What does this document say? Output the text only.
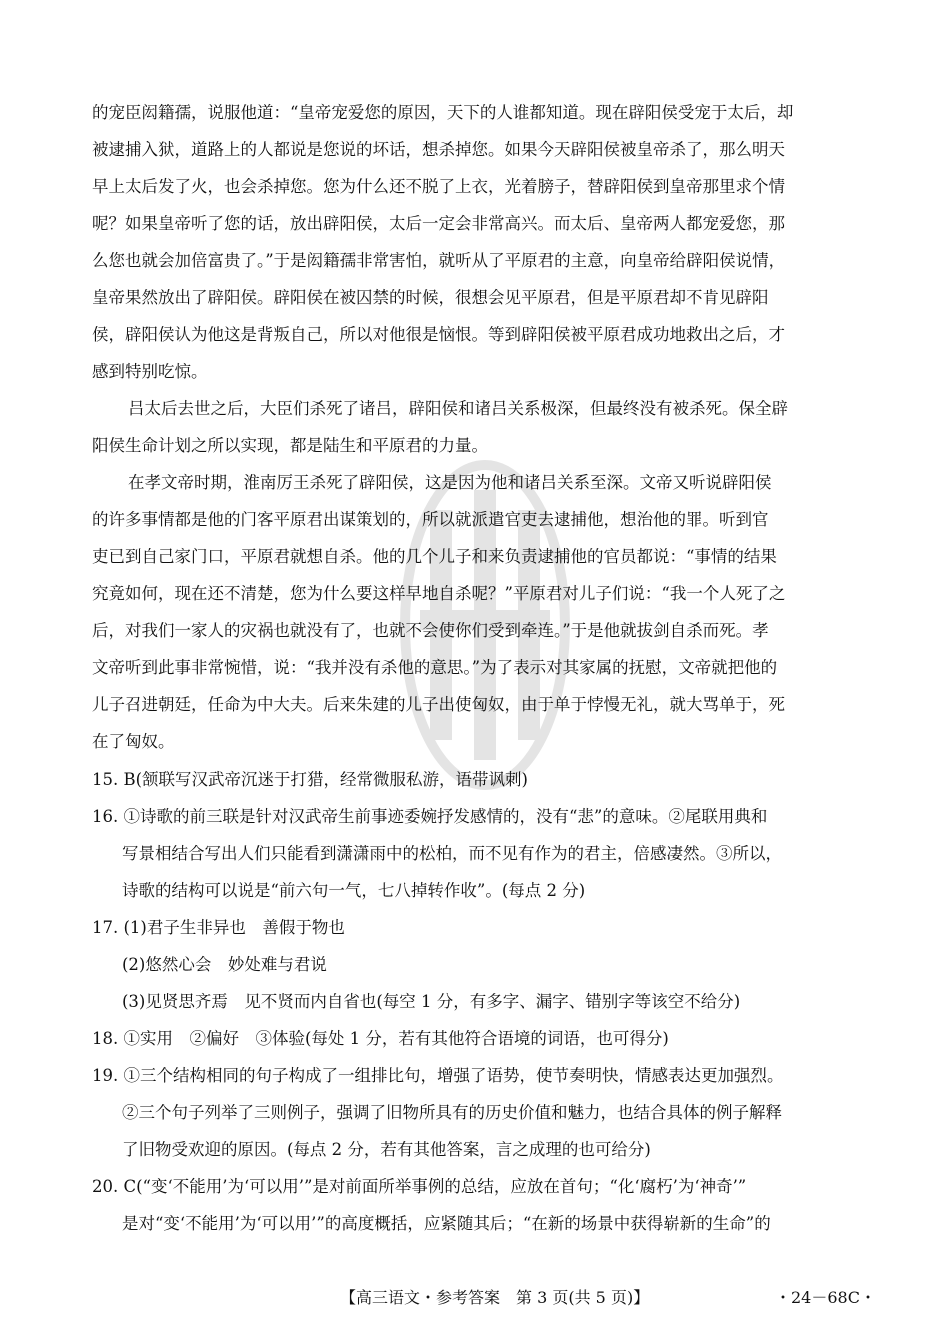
的宠臣闳籍孺，说服他道：“皇帝宠爱您的原因，天下的人谁都知道。现在辟阳侯受宠于太后，却
被逮捕入狱，道路上的人都说是您说的坏话，想杀掉您。如果今天辟阳侯被皇帝杀了，那么明天
早上太后发了火，也会杀掉您。您为什么还不脱了上衣，光着膀子，替辟阳侯到皇帝那里求个情
呢？如果皇帝听了您的话，放出辟阳侯，太后一定会非常高兴。而太后、皇帝两人都宠爱您，那
么您也就会加倍富贵了。”于是闳籍孺非常害怕，就听从了平原君的主意，向皇帝给辟阳侯说情，
皇帝果然放出了辟阳侯。辟阳侯在被囚禁的时候，很想会见平原君，但是平原君却不肯见辟阳
侯，辟阳侯认为他这是背叛自己，所以对他很是恼恨。等到辟阳侯被平原君成功地救出之后，才
感到特别吃惊。
吕太后去世之后，大臣们杀死了诸吕，辟阳侯和诸吕关系极深，但最终没有被杀死。保全辟
阳侯生命计划之所以实现，都是陆生和平原君的力量。
在孝文帝时期，淮南厉王杀死了辟阳侯，这是因为他和诸吕关系至深。文帝又听说辟阳侯
的许多事情都是他的门客平原君出谋策划的，所以就派遣官吏去逮捕他，想治他的罪。听到官
吏已到自己家门口，平原君就想自杀。他的几个儿子和来负责逮捕他的官员都说：“事情的结果
究竟如何，现在还不清楚，您为什么要这样早地自杀呢？”平原君对儿子们说：“我一个人死了之
后，对我们一家人的灾祸也就没有了，也就不会使你们受到牵连。”于是他就拔剑自杀而死。孝
文帝听到此事非常惋惜，说：“我并没有杀他的意思。”为了表示对其家属的抚慰，文帝就把他的
儿子召进朝廷，任命为中大夫。后来朱建的儿子出使匈奴，由于单于悖慢无礼，就大骂单于，死
在了匈奴。
15. B(颔联写汉武帝沉迷于打猎，经常微服私游，语带讽刺)
16. ①诗歌的前三联是针对汉武帝生前事迹委婉抒发感情的，没有“悲”的意味。②尾联用典和
写景相结合写出人们只能看到潇潇雨中的松柏，而不见有作为的君主，倍感凄然。③所以，
诗歌的结构可以说是“前六句一气，七八掉转作收”。(每点 2 分)
17. (1)君子生非异也　善假于物也
(2)悠然心会　妙处难与君说
(3)见贤思齐焉　见不贤而内自省也(每空 1 分，有多字、漏字、错别字等该空不给分)
18. ①实用　②偏好　③体验(每处 1 分，若有其他符合语境的词语，也可得分)
19. ①三个结构相同的句子构成了一组排比句，增强了语势，使节奏明快，情感表达更加强烈。
②三个句子列举了三则例子，强调了旧物所具有的历史价值和魅力，也结合具体的例子解释
了旧物受欢迎的原因。(每点 2 分，若有其他答案，言之成理的也可给分)
20. C(“变‘不能用’为‘可以用’”是对前面所举事例的总结，应放在首句；“化‘腐朽’为‘神奇’”
是对“变‘不能用’为‘可以用’”的高度概括，应紧随其后；“在新的场景中获得崭新的生命”的
【高三语文・参考答案　第 3 页(共 5 页)】	・24－68C・
